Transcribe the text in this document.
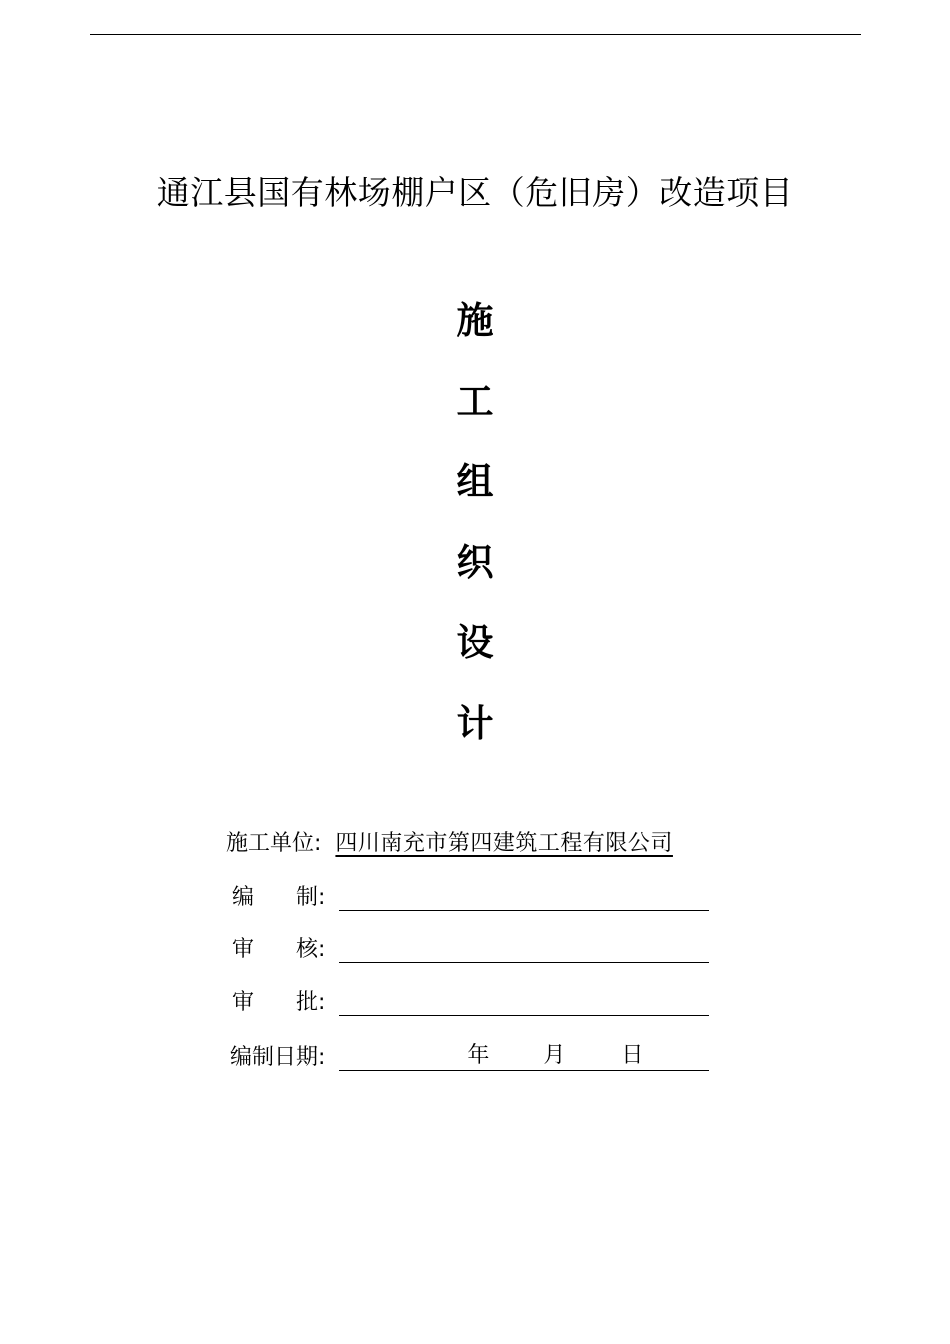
通江县国有林场棚户区（危旧房）改造项目
施
工
组
织
设
计
施工单位: 四川南充市第四建筑工程有限公司
编      制:
审      核:
审      批:
编制日期:	年 月	日
